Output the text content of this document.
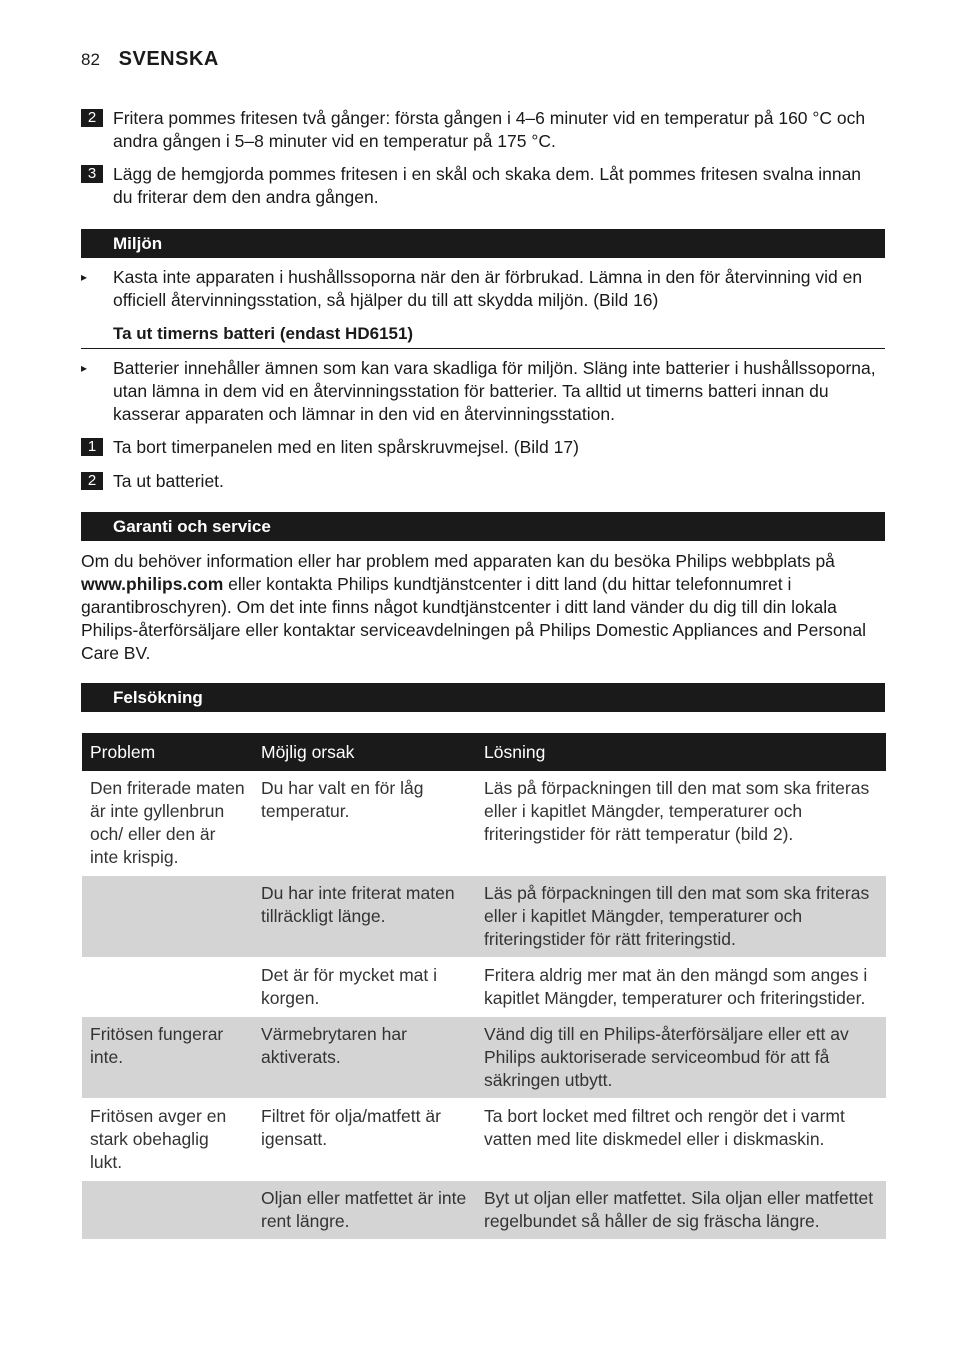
82 SVENSKA
2 Fritera pommes fritesen två gånger: första gången i 4–6 minuter vid en temperatur på 160 °C och andra gången i 5–8 minuter vid en temperatur på 175 °C.
3 Lägg de hemgjorda pommes fritesen i en skål och skaka dem. Låt pommes fritesen svalna innan du friterar dem den andra gången.
Miljön
▸	Kasta inte apparaten i hushållssoporna när den är förbrukad. Lämna in den för återvinning vid en officiell återvinningsstation, så hjälper du till att skydda miljön. (Bild 16)
Ta ut timerns batteri (endast HD6151)
▸	Batterier innehåller ämnen som kan vara skadliga för miljön. Släng inte batterier i hushållssoporna, utan lämna in dem vid en återvinningsstation för batterier. Ta alltid ut timerns batteri innan du kasserar apparaten och lämnar in den vid en återvinningsstation.
1 Ta bort timerpanelen med en liten spårskruvmejsel. (Bild 17)
2 Ta ut batteriet.
Garanti och service
Om du behöver information eller har problem med apparaten kan du besöka Philips webbplats på www.philips.com eller kontakta Philips kundtjänstcenter i ditt land (du hittar telefonnumret i garantibroschyren). Om det inte finns något kundtjänstcenter i ditt land vänder du dig till din lokala Philips-återförsäljare eller kontaktar serviceavdelningen på Philips Domestic Appliances and Personal Care BV.
Felsökning
Problem	Möjlig orsak	Lösning
Den friterade maten är inte gyllenbrun och/ eller den är inte krispig.	Du har valt en för låg temperatur.	Läs på förpackningen till den mat som ska friteras eller i kapitlet Mängder, temperaturer och friteringstider för rätt temperatur (bild 2).
	Du har inte friterat maten tillräckligt länge.	Läs på förpackningen till den mat som ska friteras eller i kapitlet Mängder, temperaturer och friteringstider för rätt friteringstid.
	Det är för mycket mat i korgen.	Fritera aldrig mer mat än den mängd som anges i kapitlet Mängder, temperaturer och friteringstider.
Fritösen fungerar inte.	Värmebrytaren har aktiverats.	Vänd dig till en Philips-återförsäljare eller ett av Philips auktoriserade serviceombud för att få säkringen utbytt.
Fritösen avger en stark obehaglig lukt.	Filtret för olja/matfett är igensatt.	Ta bort locket med filtret och rengör det i varmt vatten med lite diskmedel eller i diskmaskin.
	Oljan eller matfettet är inte rent längre.	Byt ut oljan eller matfettet. Sila oljan eller matfettet regelbundet så håller de sig fräscha längre.
